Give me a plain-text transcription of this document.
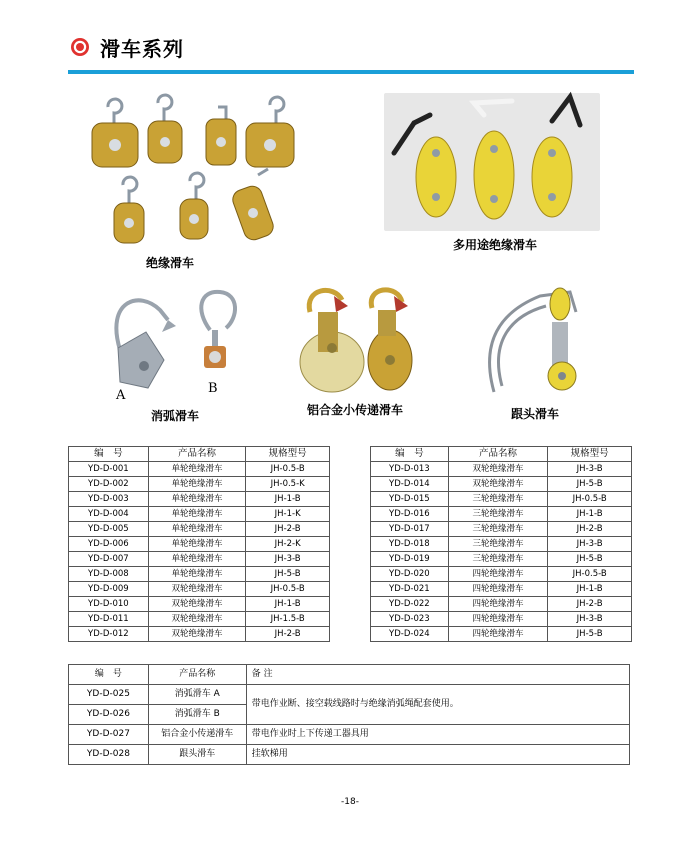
滑车系列
绝缘滑车
多用途绝缘滑车
A	B
消弧滑车	铝合金小传递滑车	跟头滑车
编　号	产品名称	规格型号
YD-D-001	单轮绝缘滑车	JH-0.5-B
YD-D-002	单轮绝缘滑车	JH-0.5-K
YD-D-003	单轮绝缘滑车	JH-1-B
YD-D-004	单轮绝缘滑车	JH-1-K
YD-D-005	单轮绝缘滑车	JH-2-B
YD-D-006	单轮绝缘滑车	JH-2-K
YD-D-007	单轮绝缘滑车	JH-3-B
YD-D-008	单轮绝缘滑车	JH-5-B
YD-D-009	双轮绝缘滑车	JH-0.5-B
YD-D-010	双轮绝缘滑车	JH-1-B
YD-D-011	双轮绝缘滑车	JH-1.5-B
YD-D-012	双轮绝缘滑车	JH-2-B
编　号	产品名称	规格型号
YD-D-013	双轮绝缘滑车	JH-3-B
YD-D-014	双轮绝缘滑车	JH-5-B
YD-D-015	三轮绝缘滑车	JH-0.5-B
YD-D-016	三轮绝缘滑车	JH-1-B
YD-D-017	三轮绝缘滑车	JH-2-B
YD-D-018	三轮绝缘滑车	JH-3-B
YD-D-019	三轮绝缘滑车	JH-5-B
YD-D-020	四轮绝缘滑车	JH-0.5-B
YD-D-021	四轮绝缘滑车	JH-1-B
YD-D-022	四轮绝缘滑车	JH-2-B
YD-D-023	四轮绝缘滑车	JH-3-B
YD-D-024	四轮绝缘滑车	JH-5-B
编　号	产品名称	备 注
YD-D-025	消弧滑车 A	带电作业断、接空载线路时与绝缘消弧绳配套使用。
YD-D-026	消弧滑车 B	
YD-D-027	铝合金小传递滑车	带电作业时上下传递工器具用
YD-D-028	跟头滑车	挂软梯用
-18-
